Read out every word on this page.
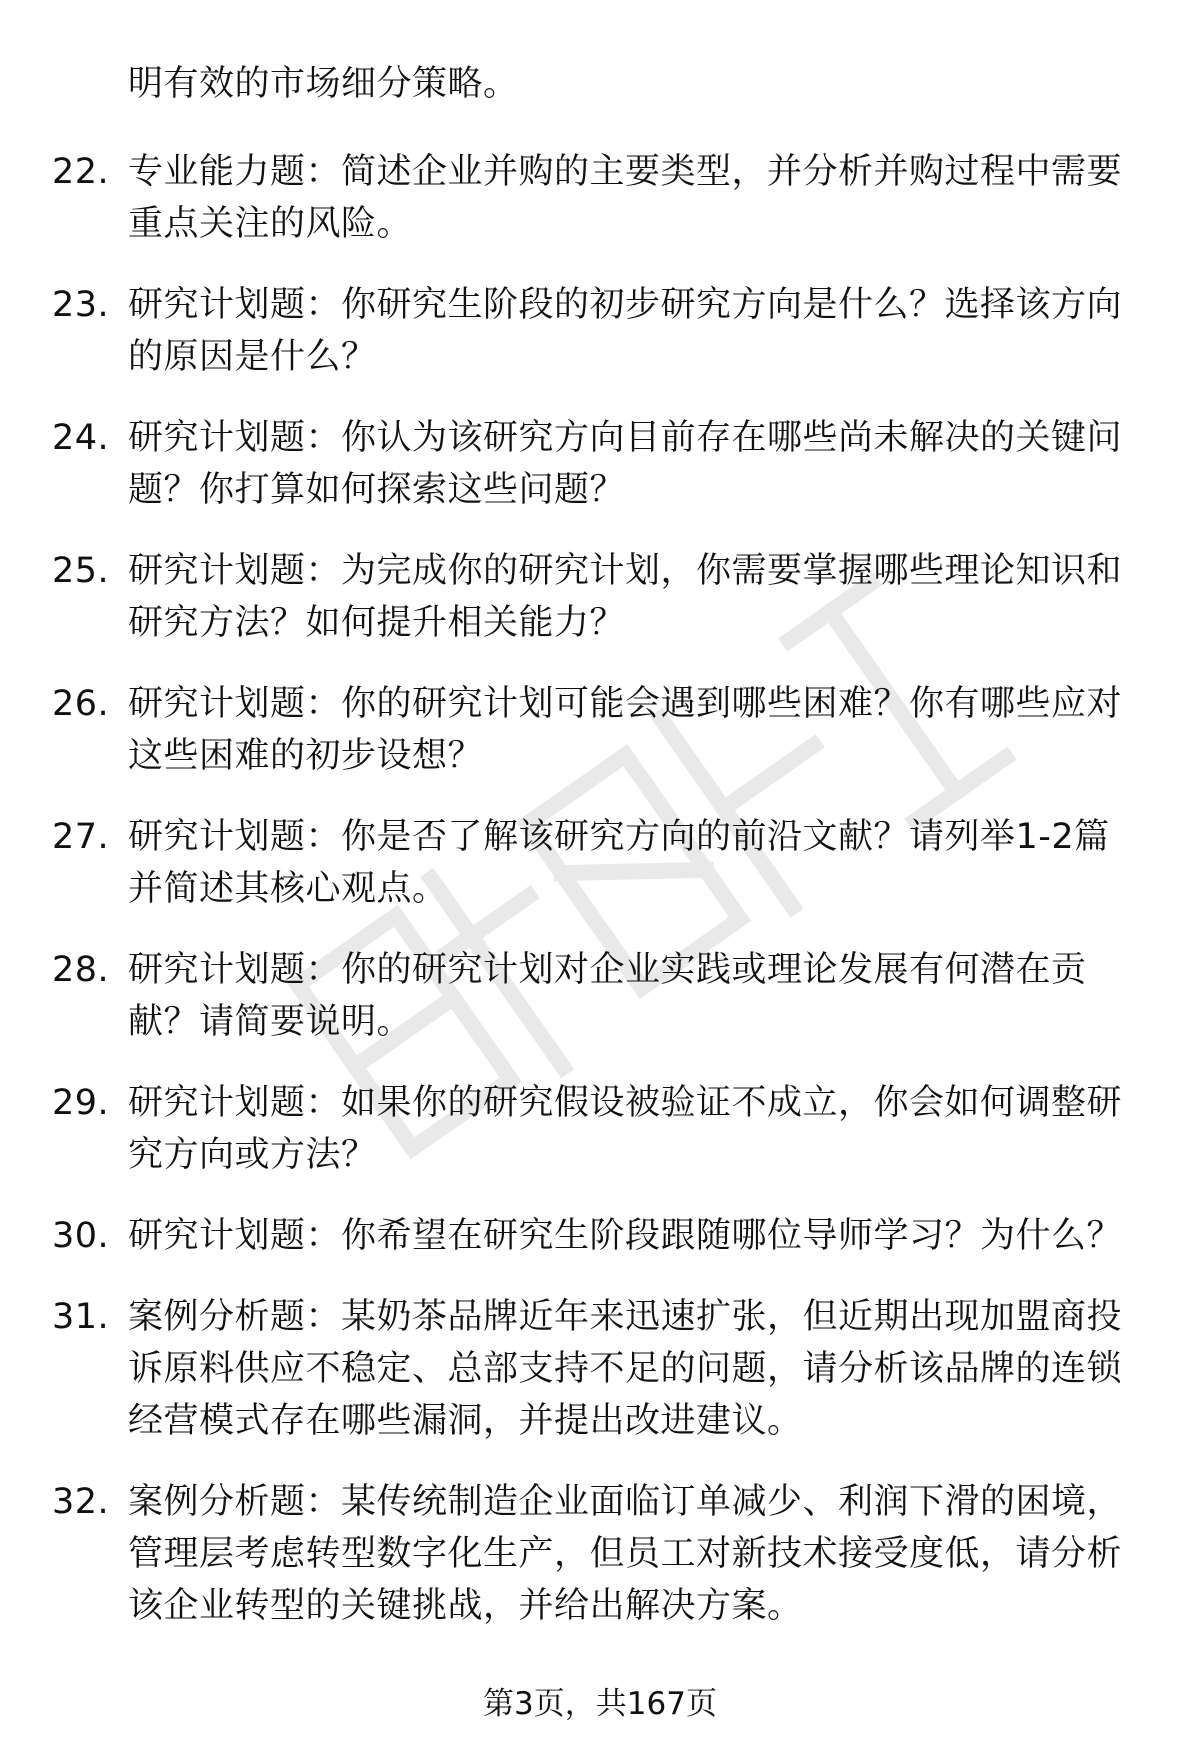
明有效的市场细分策略。
22. 专业能力题：简述企业并购的主要类型，并分析并购过程中需要重点关注的风险。
23. 研究计划题：你研究生阶段的初步研究方向是什么？选择该方向的原因是什么？
24. 研究计划题：你认为该研究方向目前存在哪些尚未解决的关键问题？你打算如何探索这些问题？
25. 研究计划题：为完成你的研究计划，你需要掌握哪些理论知识和研究方法？如何提升相关能力？
26. 研究计划题：你的研究计划可能会遇到哪些困难？你有哪些应对这些困难的初步设想？
27. 研究计划题：你是否了解该研究方向的前沿文献？请列举1-2篇并简述其核心观点。
28. 研究计划题：你的研究计划对企业实践或理论发展有何潜在贡献？请简要说明。
29. 研究计划题：如果你的研究假设被验证不成立，你会如何调整研究方向或方法？
30. 研究计划题：你希望在研究生阶段跟随哪位导师学习？为什么？
31. 案例分析题：某奶茶品牌近年来迅速扩张，但近期出现加盟商投诉原料供应不稳定、总部支持不足的问题，请分析该品牌的连锁经营模式存在哪些漏洞，并提出改进建议。
32. 案例分析题：某传统制造企业面临订单减少、利润下滑的困境，管理层考虑转型数字化生产，但员工对新技术接受度低，请分析该企业转型的关键挑战，并给出解决方案。
第3页，共167页
